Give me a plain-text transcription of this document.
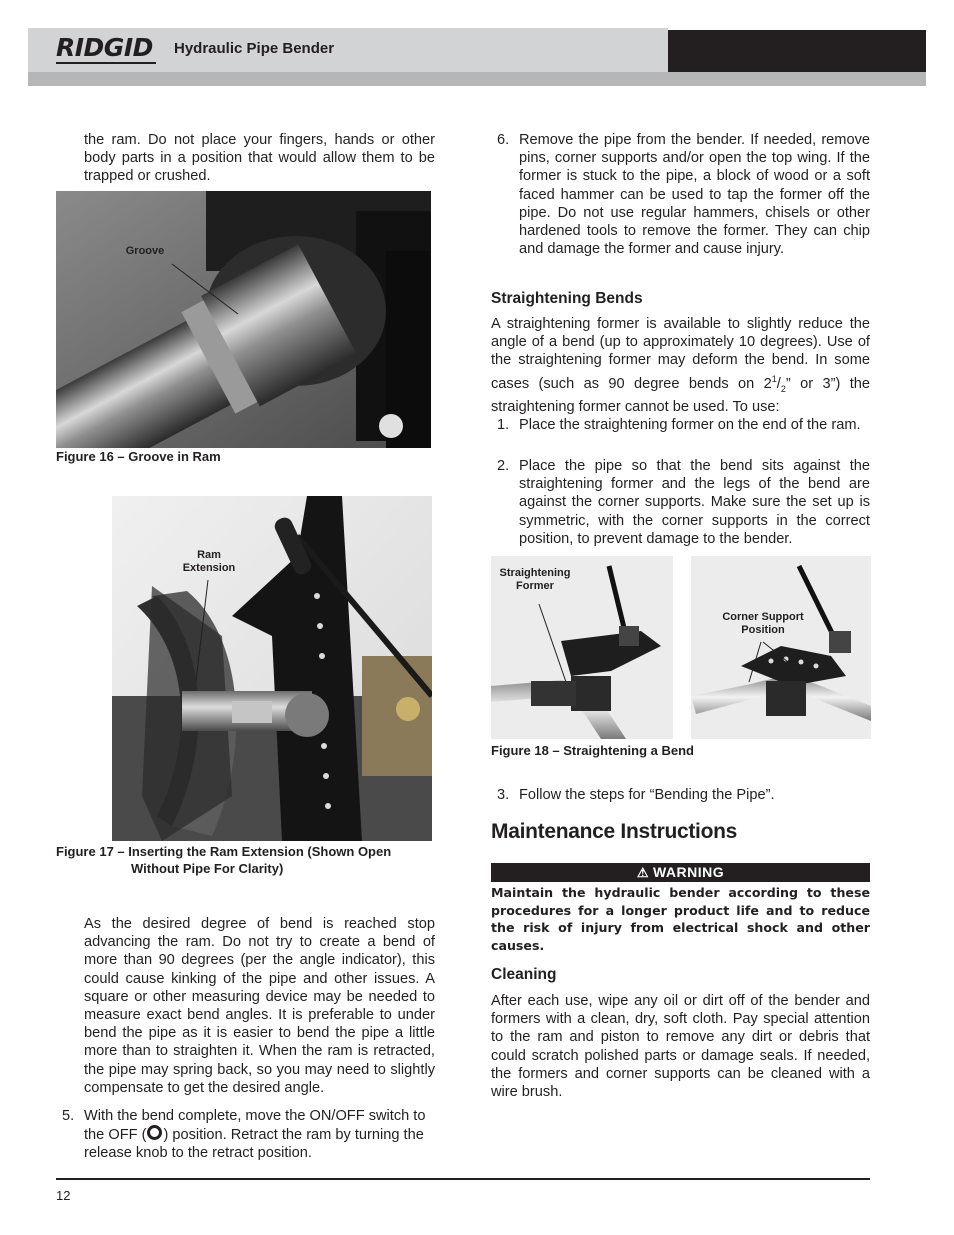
RIDGID Hydraulic Pipe Bender

the ram. Do not place your fingers, hands or other body parts in a position that would allow them to be trapped or crushed.

Groove
Figure 16 – Groove in Ram
Ram
Extension
Figure 17 – Inserting the Ram Extension (Shown Open
Without Pipe For Clarity)

As the desired degree of bend is reached stop advancing the ram. Do not try to create a bend of more than 90 degrees (per the angle indicator), this could cause kinking of the pipe and other issues. A square or other measuring device may be needed to measure exact bend angles. It is preferable to under bend the pipe as it is easier to bend the pipe a little more than to straighten it. When the ram is retracted, the pipe may spring back, so you may need to slightly compensate to get the desired angle.

5. With the bend complete, move the ON/OFF switch to the OFF ( ) position. Retract the ram by turning the release knob to the retract position.

6. Remove the pipe from the bender. If needed, remove pins, corner supports and/or open the top wing. If the former is stuck to the pipe, a block of wood or a soft faced hammer can be used to tap the former off the pipe. Do not use regular hammers, chisels or other hardened tools to remove the former. They can chip and damage the former and cause injury.

Straightening Bends

A straightening former is available to slightly reduce the angle of a bend (up to approximately 10 degrees). Use of the straightening former may deform the bend. In some cases (such as 90 degree bends on $2^1/_2$” or 3”) the straightening former cannot be used. To use:

1. Place the straightening former on the end of the ram.

2. Place the pipe so that the bend sits against the straightening former and the legs of the bend are against the corner supports. Make sure the set up is symmetric, with the corner supports in the correct position, to prevent damage to the bender.

Straightening
Former
Corner Support
Position
Figure 18 – Straightening a Bend
3. Follow the steps for “Bending the Pipe”.

Maintenance Instructions
⚠ WARNING

Maintain the hydraulic bender according to these procedures for a longer product life and to reduce the risk of injury from electrical shock and other causes.

Cleaning

After each use, wipe any oil or dirt off of the bender and formers with a clean, dry, soft cloth. Pay special attention to the ram and piston to remove any dirt or debris that could scratch polished parts or damage seals. If needed, the formers and corner supports can be cleaned with a wire brush.

12
